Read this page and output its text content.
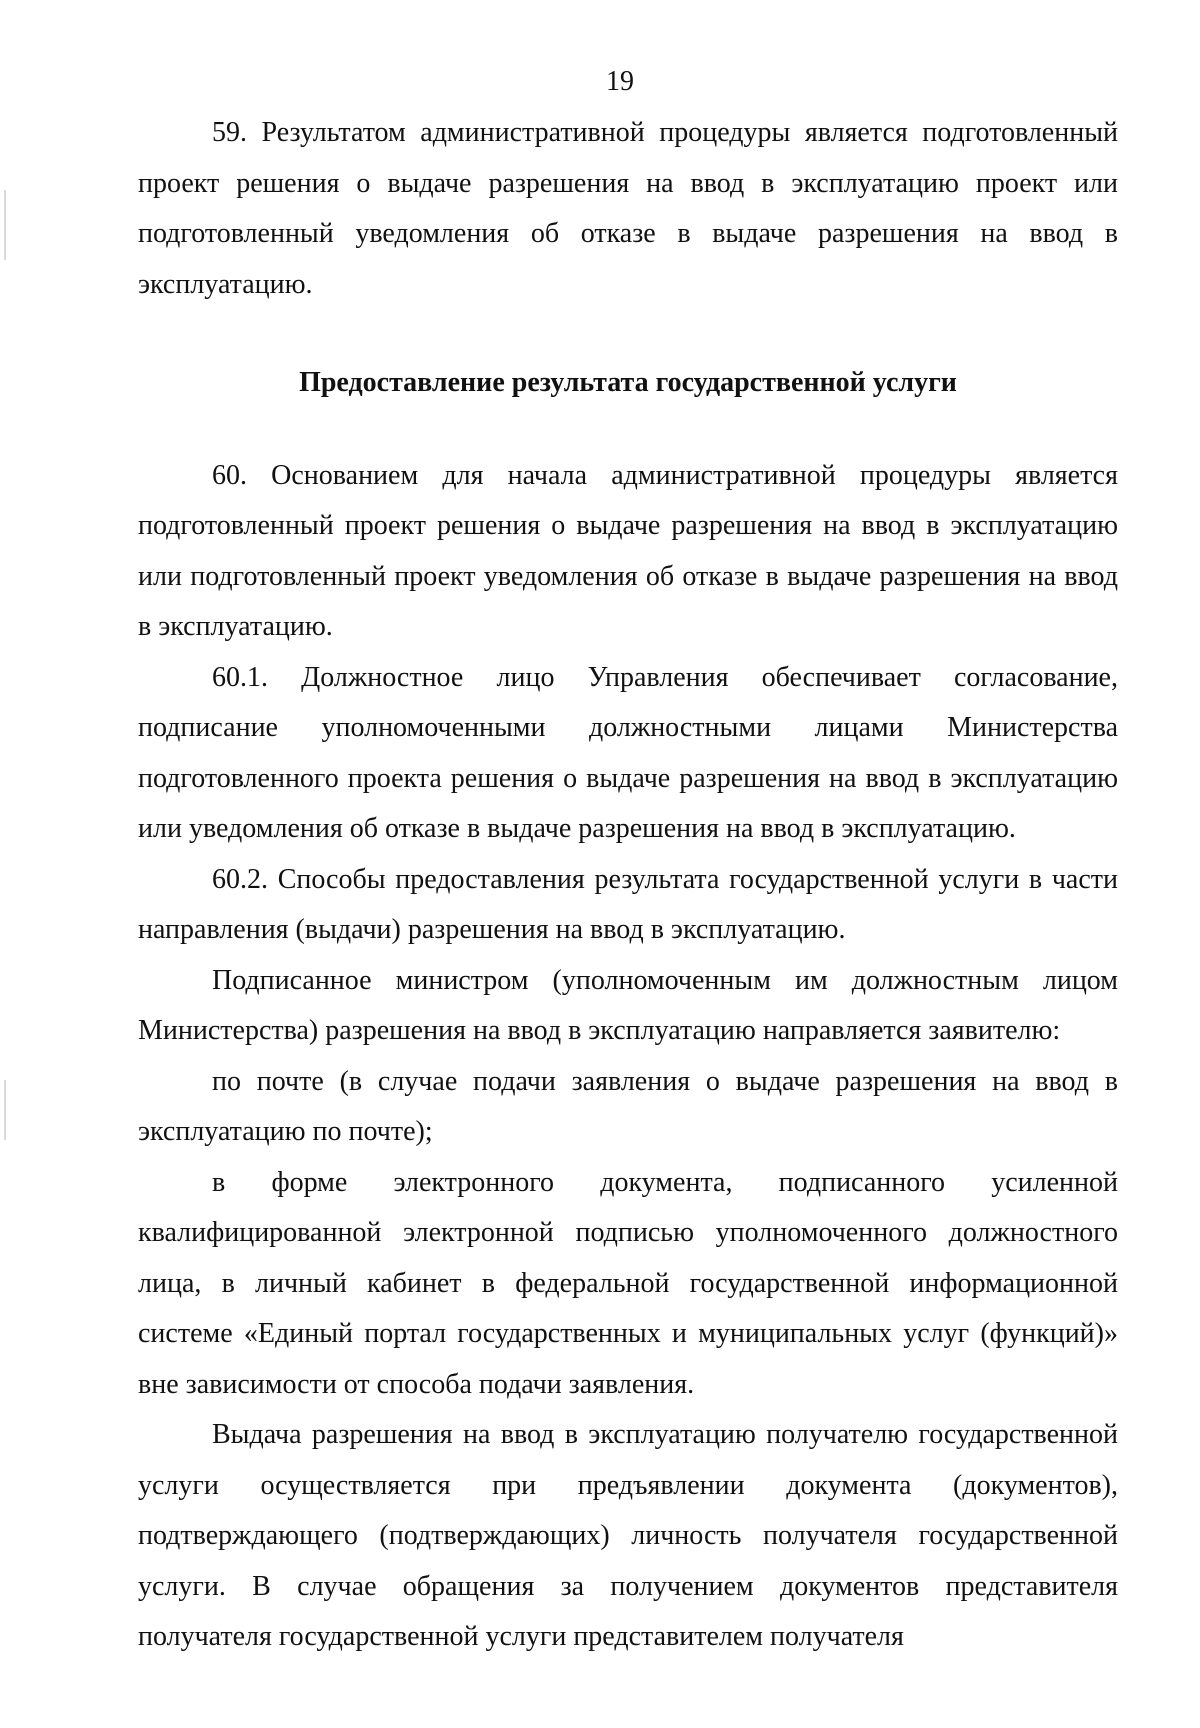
19

59. Результатом административной процедуры является подготовленный проект решения о выдаче разрешения на ввод в эксплуатацию проект или подготовленный уведомления об отказе в выдаче разрешения на ввод в эксплуатацию.

Предоставление результата государственной услуги

60. Основанием для начала административной процедуры является подготовленный проект решения о выдаче разрешения на ввод в эксплуатацию или подготовленный проект уведомления об отказе в выдаче разрешения на ввод в эксплуатацию.

60.1. Должностное лицо Управления обеспечивает согласование, подписание уполномоченными должностными лицами Министерства подготовленного проекта решения о выдаче разрешения на ввод в эксплуатацию или уведомления об отказе в выдаче разрешения на ввод в эксплуатацию.

60.2. Способы предоставления результата государственной услуги в части направления (выдачи) разрешения на ввод в эксплуатацию.

Подписанное министром (уполномоченным им должностным лицом Министерства) разрешения на ввод в эксплуатацию направляется заявителю:

по почте (в случае подачи заявления о выдаче разрешения на ввод в эксплуатацию по почте);

в форме электронного документа, подписанного усиленной квалифицированной электронной подписью уполномоченного должностного лица, в личный кабинет в федеральной государственной информационной системе «Единый портал государственных и муниципальных услуг (функций)» вне зависимости от способа подачи заявления.

Выдача разрешения на ввод в эксплуатацию получателю государственной услуги осуществляется при предъявлении документа (документов), подтверждающего (подтверждающих) личность получателя государственной услуги. В случае обращения за получением документов представителя получателя государственной услуги представителем получателя
